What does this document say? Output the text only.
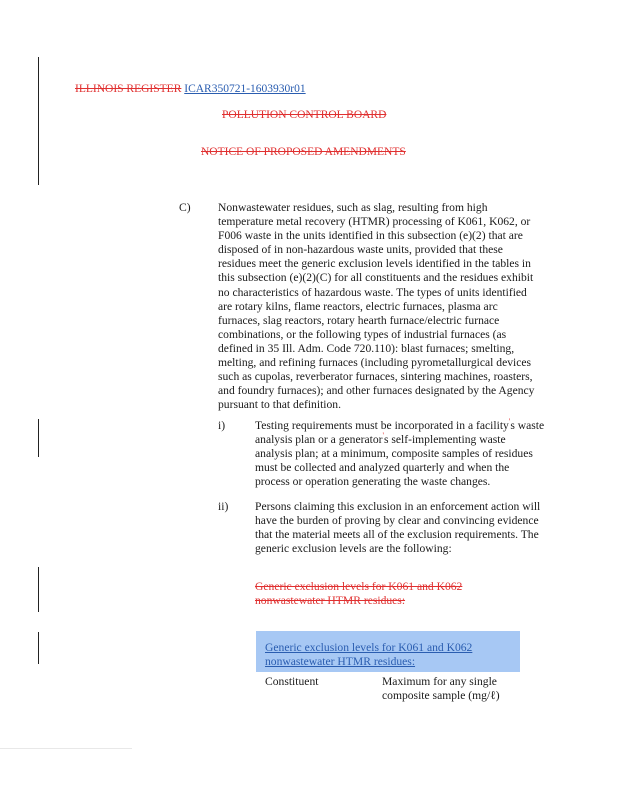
ILLINOIS REGISTER ICAR350721-1603930r01
POLLUTION CONTROL BOARD
NOTICE OF PROPOSED AMENDMENTS
C) Nonwastewater residues, such as slag, resulting from high temperature metal recovery (HTMR) processing of K061, K062, or F006 waste in the units identified in this subsection (e)(2) that are disposed of in non-hazardous waste units, provided that these residues meet the generic exclusion levels identified in the tables in this subsection (e)(2)(C) for all constituents and the residues exhibit no characteristics of hazardous waste. The types of units identified are rotary kilns, flame reactors, electric furnaces, plasma arc furnaces, slag reactors, rotary hearth furnace/electric furnace combinations, or the following types of industrial furnaces (as defined in 35 Ill. Adm. Code 720.110): blast furnaces; smelting, melting, and refining furnaces (including pyrometallurgical devices such as cupolas, reverberator furnaces, sintering machines, roasters, and foundry furnaces); and other furnaces designated by the Agency pursuant to that definition.
i)	Testing requirements must be incorporated in a facility's waste analysis plan or a generator's self-implementing waste analysis plan; at a minimum, composite samples of residues must be collected and analyzed quarterly and when the process or operation generating the waste changes.
ii) Persons claiming this exclusion in an enforcement action will have the burden of proving by clear and convincing evidence that the material meets all of the exclusion requirements. The generic exclusion levels are the following:
Generic exclusion levels for K061 and K062 nonwastewater HTMR residues:
Generic exclusion levels for K061 and K062 nonwastewater HTMR residues:
Constituent	Maximum for any single composite sample (mg/ℓ)
